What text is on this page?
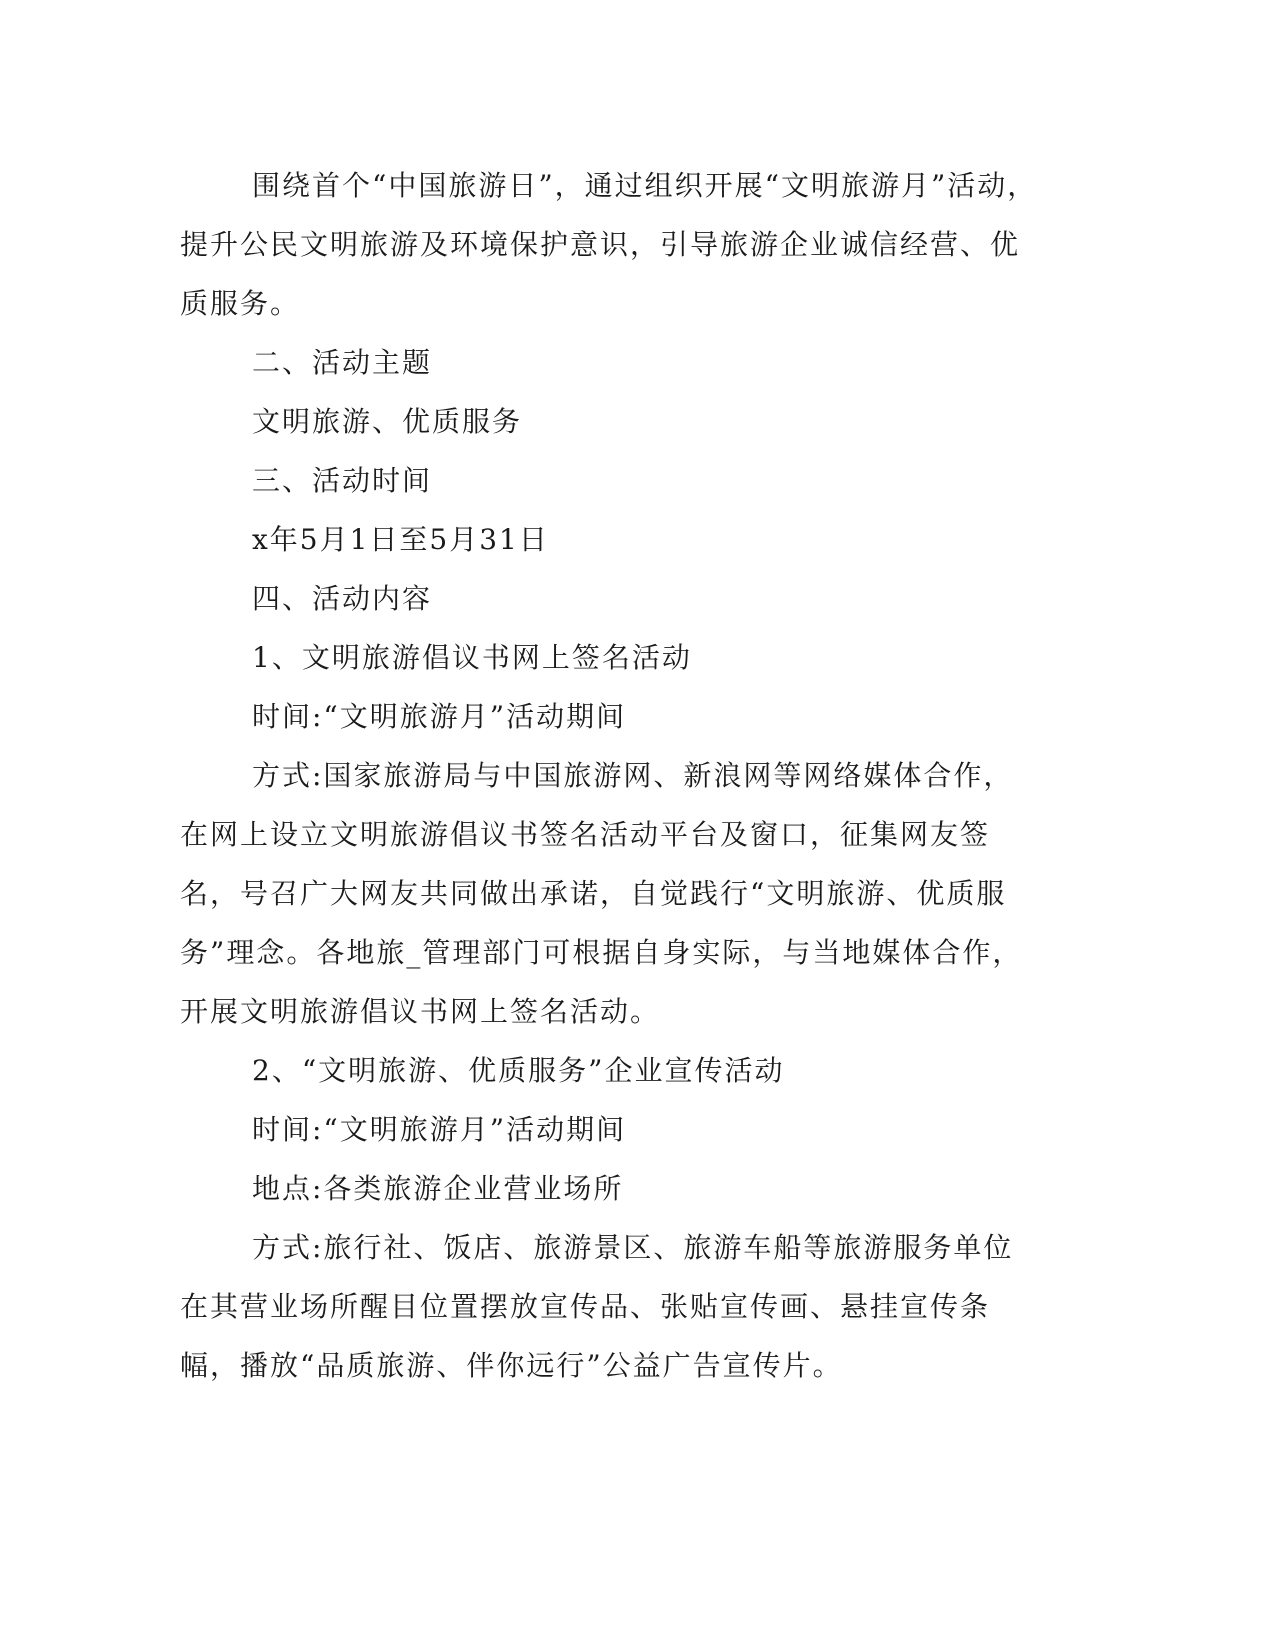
围绕首个“中国旅游日”，通过组织开展“文明旅游月”活动，提升公民文明旅游及环境保护意识，引导旅游企业诚信经营、优质服务。

二、活动主题

文明旅游、优质服务

三、活动时间

x年5月1日至5月31日

四、活动内容

1、文明旅游倡议书网上签名活动

时间:“文明旅游月”活动期间

方式:国家旅游局与中国旅游网、新浪网等网络媒体合作，在网上设立文明旅游倡议书签名活动平台及窗口，征集网友签名，号召广大网友共同做出承诺，自觉践行“文明旅游、优质服务”理念。各地旅_管理部门可根据自身实际，与当地媒体合作，开展文明旅游倡议书网上签名活动。

2、“文明旅游、优质服务”企业宣传活动

时间:“文明旅游月”活动期间

地点:各类旅游企业营业场所

方式:旅行社、饭店、旅游景区、旅游车船等旅游服务单位在其营业场所醒目位置摆放宣传品、张贴宣传画、悬挂宣传条幅，播放“品质旅游、伴你远行”公益广告宣传片。
